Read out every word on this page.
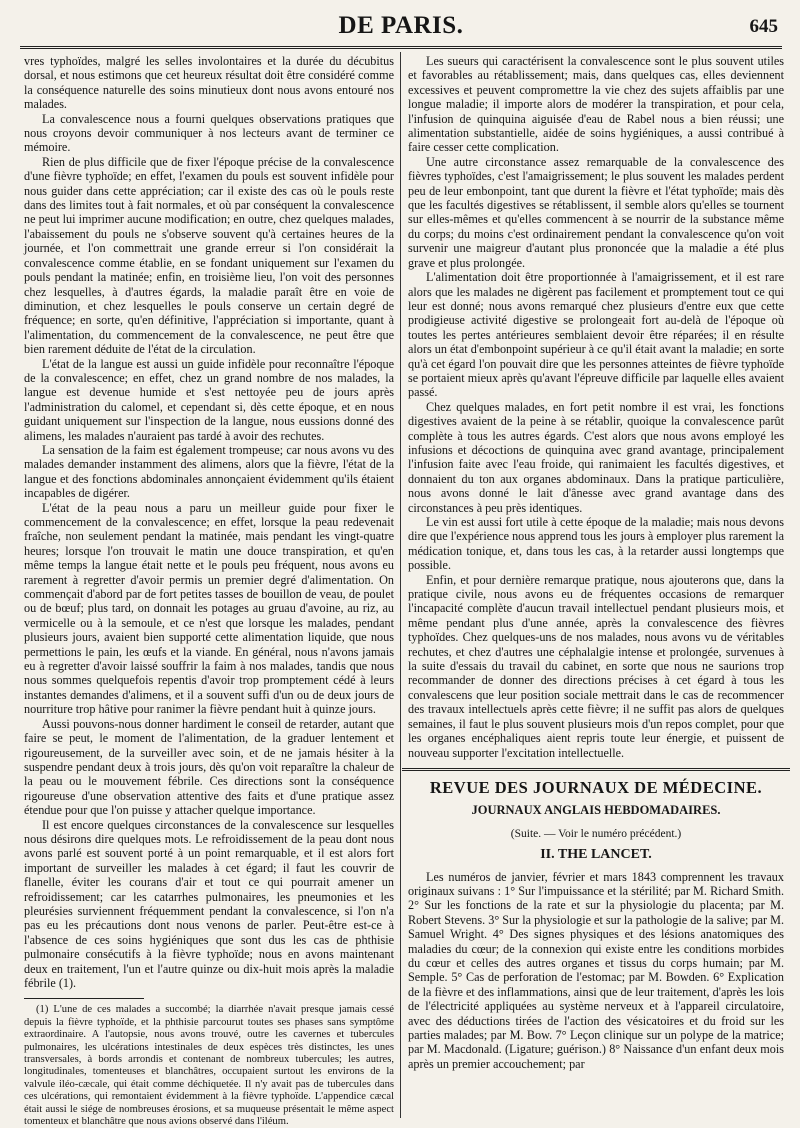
DE PARIS.	645

vres typhoïdes, malgré les selles involontaires et la durée du décubitus dorsal, et nous estimons que cet heureux résultat doit être considéré comme la conséquence naturelle des soins minutieux dont nous avons entouré nos malades.

La convalescence nous a fourni quelques observations pratiques que nous croyons devoir communiquer à nos lecteurs avant de terminer ce mémoire.

Rien de plus difficile que de fixer l'époque précise de la convalescence d'une fièvre typhoïde; en effet, l'examen du pouls est souvent infidèle pour nous guider dans cette appréciation; car il existe des cas où le pouls reste dans des limites tout à fait normales, et où par conséquent la convalescence ne peut lui imprimer aucune modification; en outre, chez quelques malades, l'abaissement du pouls ne s'observe souvent qu'à certaines heures de la journée, et l'on commettrait une grande erreur si l'on considérait la convalescence comme établie, en se fondant uniquement sur l'examen du pouls pendant la matinée; enfin, en troisième lieu, l'on voit des personnes chez lesquelles, à d'autres égards, la maladie paraît être en voie de diminution, et chez lesquelles le pouls conserve un certain degré de fréquence; en sorte, qu'en définitive, l'appréciation si importante, quant à l'alimentation, du commencement de la convalescence, ne peut être que bien rarement déduite de l'état de la circulation.

L'état de la langue est aussi un guide infidèle pour reconnaître l'époque de la convalescence; en effet, chez un grand nombre de nos malades, la langue est devenue humide et s'est nettoyée peu de jours après l'administration du calomel, et cependant si, dès cette époque, et en nous guidant uniquement sur l'inspection de la langue, nous eussions donné des alimens, les malades n'auraient pas tardé à avoir des rechutes.

La sensation de la faim est également trompeuse; car nous avons vu des malades demander instamment des alimens, alors que la fièvre, l'état de la langue et des fonctions abdominales annonçaient évidemment qu'ils étaient incapables de digérer.

L'état de la peau nous a paru un meilleur guide pour fixer le commencement de la convalescence; en effet, lorsque la peau redevenait fraîche, non seulement pendant la matinée, mais pendant les vingt-quatre heures; lorsque l'on trouvait le matin une douce transpiration, et qu'en même temps la langue était nette et le pouls peu fréquent, nous avons eu rarement à regretter d'avoir permis un premier degré d'alimentation. On commençait d'abord par de fort petites tasses de bouillon de veau, de poulet ou de bœuf; plus tard, on donnait les potages au gruau d'avoine, au riz, au vermicelle ou à la semoule, et ce n'est que lorsque les malades, pendant plusieurs jours, avaient bien supporté cette alimentation liquide, que nous permettions le pain, les œufs et la viande. En général, nous n'avons jamais eu à regretter d'avoir laissé souffrir la faim à nos malades, tandis que nous nous sommes quelquefois repentis d'avoir trop promptement cédé à leurs instantes demandes d'alimens, et il a souvent suffi d'un ou de deux jours de nourriture trop hâtive pour ranimer la fièvre pendant huit à quinze jours.

Aussi pouvons-nous donner hardiment le conseil de retarder, autant que faire se peut, le moment de l'alimentation, de la graduer lentement et rigoureusement, de la surveiller avec soin, et de ne jamais hésiter à la suspendre pendant deux à trois jours, dès qu'on voit reparaître la chaleur de la peau ou le mouvement fébrile. Ces directions sont la conséquence rigoureuse d'une observation attentive des faits et d'une pratique assez étendue pour que l'on puisse y attacher quelque importance.

Il est encore quelques circonstances de la convalescence sur lesquelles nous désirons dire quelques mots. Le refroidissement de la peau dont nous avons parlé est souvent porté à un point remarquable, et il est alors fort important de surveiller les malades à cet égard; il faut les couvrir de flanelle, éviter les courans d'air et tout ce qui pourrait amener un refroidissement; car les catarrhes pulmonaires, les pneumonies et les pleurésies surviennent fréquemment pendant la convalescence, si l'on n'a pas eu les précautions dont nous venons de parler. Peut-être est-ce à l'absence de ces soins hygiéniques que sont dus les cas de phthisie pulmonaire consécutifs à la fièvre typhoïde; nous en avons maintenant deux en traitement, l'un et l'autre quinze ou dix-huit mois après la maladie fébrile (1).

(1) L'une de ces malades a succombé; la diarrhée n'avait presque jamais cessé depuis la fièvre typhoïde, et la phthisie parcourut toutes ses phases sans symptôme extraordinaire. A l'autopsie, nous avons trouvé, outre les cavernes et tubercules pulmonaires, les ulcérations intestinales de deux espèces très distinctes, les unes transversales, à bords arrondis et contenant de nombreux tubercules; les autres, longitudinales, tomenteuses et blanchâtres, occupaient surtout les environs de la valvule iléo-cæcale, qui était comme déchiquetée. Il n'y avait pas de tubercules dans ces ulcérations, qui remontaient évidemment à la fièvre typhoïde. L'appendice cæcal était aussi le siége de nombreuses érosions, et sa muqueuse présentait le même aspect tomenteux et blanchâtre que nous avions observé dans l'iléum.

Les sueurs qui caractérisent la convalescence sont le plus souvent utiles et favorables au rétablissement; mais, dans quelques cas, elles deviennent excessives et peuvent compromettre la vie chez des sujets affaiblis par une longue maladie; il importe alors de modérer la transpiration, et pour cela, l'infusion de quinquina aiguisée d'eau de Rabel nous a bien réussi; une alimentation substantielle, aidée de soins hygiéniques, a aussi contribué à faire cesser cette complication.

Une autre circonstance assez remarquable de la convalescence des fièvres typhoïdes, c'est l'amaigrissement; le plus souvent les malades perdent peu de leur embonpoint, tant que durent la fièvre et l'état typhoïde; mais dès que les facultés digestives se rétablissent, il semble alors qu'elles se tournent sur elles-mêmes et qu'elles commencent à se nourrir de la substance même du corps; du moins c'est ordinairement pendant la convalescence qu'on voit survenir une maigreur d'autant plus prononcée que la maladie a été plus grave et plus prolongée.

L'alimentation doit être proportionnée à l'amaigrissement, et il est rare alors que les malades ne digèrent pas facilement et promptement tout ce qui leur est donné; nous avons remarqué chez plusieurs d'entre eux que cette prodigieuse activité digestive se prolongeait fort au-delà de l'époque où toutes les pertes antérieures semblaient devoir être réparées; il en résulte alors un état d'embonpoint supérieur à ce qu'il était avant la maladie; en sorte qu'à cet égard l'on pouvait dire que les personnes atteintes de fièvre typhoïde se portaient mieux après qu'avant l'épreuve difficile par laquelle elles avaient passé.

Chez quelques malades, en fort petit nombre il est vrai, les fonctions digestives avaient de la peine à se rétablir, quoique la convalescence parût complète à tous les autres égards. C'est alors que nous avons employé les infusions et décoctions de quinquina avec grand avantage, principalement l'infusion faite avec l'eau froide, qui ranimaient les facultés digestives, et donnaient du ton aux organes abdominaux. Dans la pratique particulière, nous avons donné le lait d'ânesse avec grand avantage dans des circonstances à peu près identiques.

Le vin est aussi fort utile à cette époque de la maladie; mais nous devons dire que l'expérience nous apprend tous les jours à employer plus rarement la médication tonique, et, dans tous les cas, à la retarder aussi longtemps que possible.

Enfin, et pour dernière remarque pratique, nous ajouterons que, dans la pratique civile, nous avons eu de fréquentes occasions de remarquer l'incapacité complète d'aucun travail intellectuel pendant plusieurs mois, et même pendant plus d'une année, après la convalescence des fièvres typhoïdes. Chez quelques-uns de nos malades, nous avons vu de véritables rechutes, et chez d'autres une céphalalgie intense et prolongée, survenues à la suite d'essais du travail du cabinet, en sorte que nous ne saurions trop recommander de donner des directions précises à cet égard à tous les convalescens que leur position sociale mettrait dans le cas de recommencer des travaux intellectuels après cette fièvre; il ne suffit pas alors de quelques semaines, il faut le plus souvent plusieurs mois d'un repos complet, pour que les organes encéphaliques aient repris toute leur énergie, et puissent de nouveau supporter l'excitation intellectuelle.

REVUE DES JOURNAUX DE MÉDECINE.
JOURNAUX ANGLAIS HEBDOMADAIRES.
(Suite. — Voir le numéro précédent.)
II. THE LANCET.

Les numéros de janvier, février et mars 1843 comprennent les travaux originaux suivans : 1° Sur l'impuissance et la stérilité; par M. Richard Smith. 2° Sur les fonctions de la rate et sur la physiologie du placenta; par M. Robert Stevens. 3° Sur la physiologie et sur la pathologie de la salive; par M. Samuel Wright. 4° Des signes physiques et des lésions anatomiques des maladies du cœur; de la connexion qui existe entre les conditions morbides du cœur et celles des autres organes et tissus du corps humain; par M. Semple. 5° Cas de perforation de l'estomac; par M. Bowden. 6° Explication de la fièvre et des inflammations, ainsi que de leur traitement, d'après les lois de l'électricité appliquées au système nerveux et à l'appareil circulatoire, avec des déductions tirées de l'action des vésicatoires et du froid sur les parties malades; par M. Bow. 7° Leçon clinique sur un polype de la matrice; par M. Macdonald. (Ligature; guérison.) 8° Naissance d'un enfant deux mois après un premier accouchement; par
